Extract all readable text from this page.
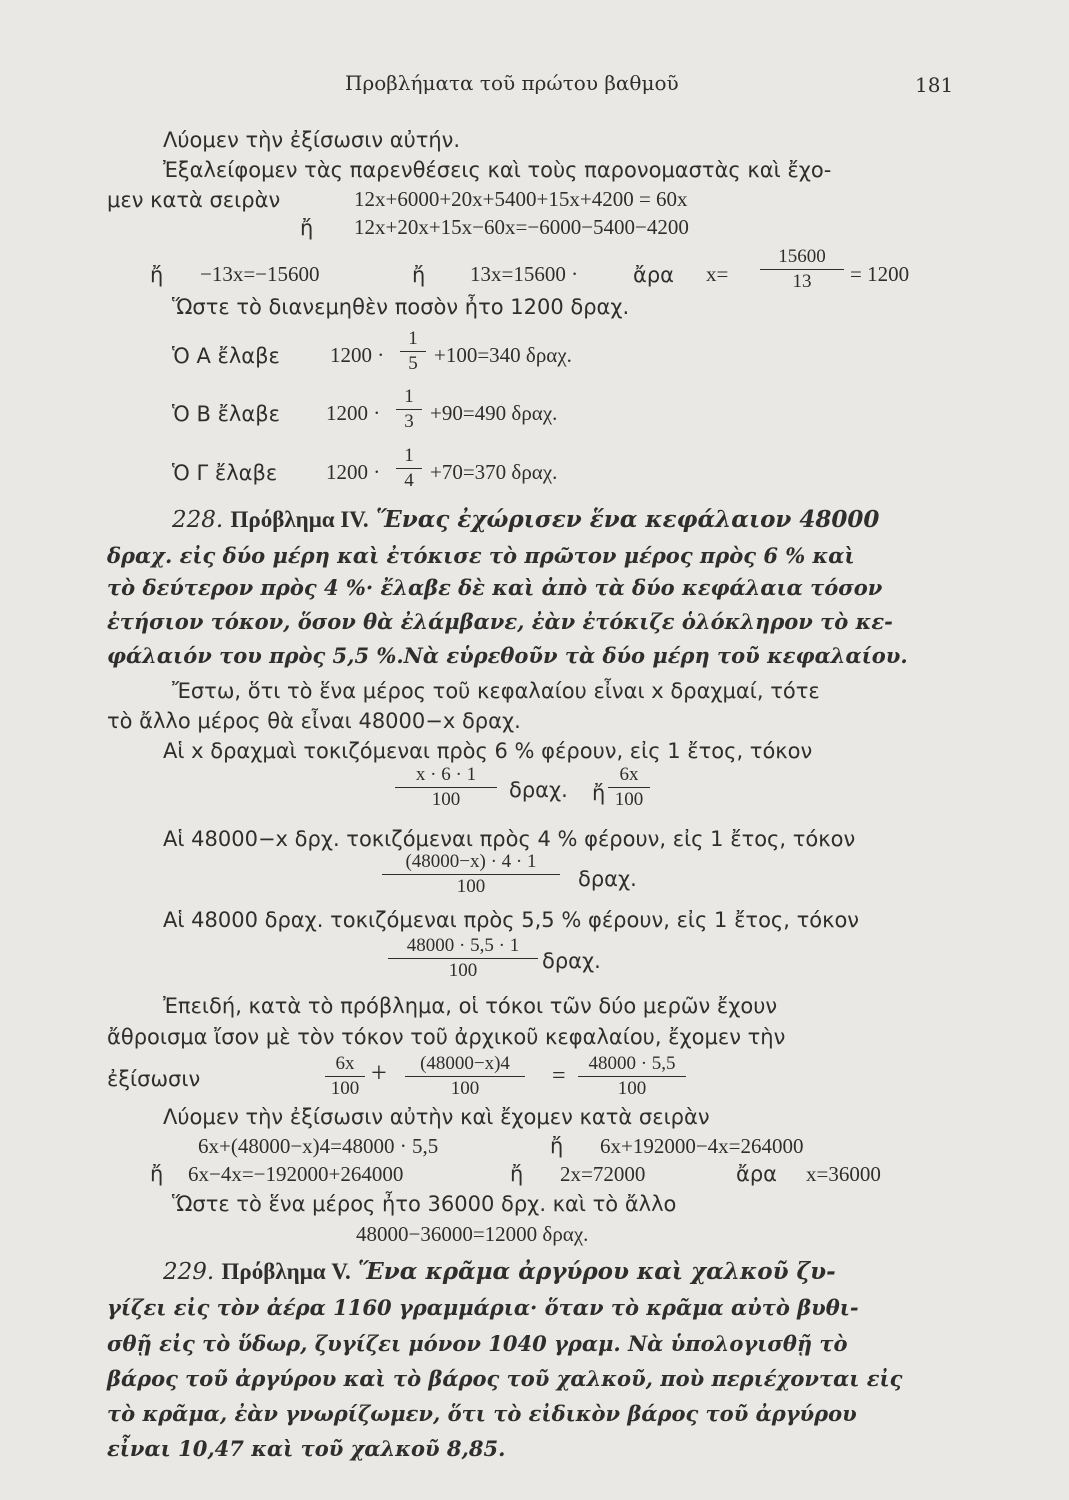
Προβλήματα τοῦ πρώτου βαθμοῦ	181
Λύομεν τὴν ἐξίσωσιν αὐτήν.
Ἐξαλείφομεν τὰς παρενθέσεις καὶ τοὺς παρονομαστὰς καὶ ἔχο-
μεν κατὰ σειρὰν	12x+6000+20x+5400+15x+4200 = 60x
ἤ 12x+20x+15x−60x=−6000−5400−4200
ἤ −13x=−15600	ἤ 13x=15600 ·	ἄρα $x= \frac{15600}{13} = 1200$
Ὥστε τὸ διανεμηθὲν ποσὸν ἦτο 1200 δραχ.
Ὁ Α ἔλαβε $1200 \cdot \frac{1}{5} +100=340$ δραχ.
Ὁ Β ἔλαβε $1200 \cdot \frac{1}{3} +90=490$ δραχ.
Ὁ Γ ἔλαβε $1200 \cdot \frac{1}{4} +70=370$ δραχ.
228. Πρόβλημα IV. Ἕνας ἐχώρισεν ἕνα κεφάλαιον 48000
δραχ. εἰς δύο μέρη καὶ ἐτόκισε τὸ πρῶτον μέρος πρὸς 6 % καὶ
τὸ δεύτερον πρὸς 4 %· ἔλαβε δὲ καὶ ἀπὸ τὰ δύο κεφάλαια τόσον
ἐτήσιον τόκον, ὅσον θὰ ἐλάμβανε, ἐὰν ἐτόκιζε ὁλόκληρον τὸ κε-
φάλαιόν του πρὸς 5,5 %.Νὰ εὑρεθοῦν τὰ δύο μέρη τοῦ κεφαλαίου.
Ἔστω, ὅτι τὸ ἕνα μέρος τοῦ κεφαλαίου εἶναι x δραχμαί, τότε
τὸ ἄλλο μέρος θὰ εἶναι 48000−x δραχ.
Αἱ x δραχμαὶ τοκιζόμεναι πρὸς 6 % φέρουν, εἰς 1 ἔτος, τόκον
$\frac{x \cdot 6 \cdot 1}{100} \delta\rho\alpha\chi$. ἤ $\frac{6x}{100}$
Αἱ 48000−x δρχ. τοκιζόμεναι πρὸς 4 % φέρουν, εἰς 1 ἔτος, τόκον
$\frac{(48000-x) \cdot 4 \cdot 1}{100} \delta\rho\alpha\chi$.
Αἱ 48000 δραχ. τοκιζόμεναι πρὸς 5,5 % φέρουν, εἰς 1 ἔτος, τόκον
$\frac{48000 \cdot 5,5 \cdot 1}{100} \delta\rho\alpha\chi$.
Ἐπειδή, κατὰ τὸ πρόβλημα, οἱ τόκοι τῶν δύο μερῶν ἔχουν
ἄθροισμα ἴσον μὲ τὸν τόκον τοῦ ἀρχικοῦ κεφαλαίου, ἔχομεν τὴν
ἐξίσωσιν	$\frac{6x}{100} + \frac{(48000-x)4}{100} = \frac{48000 \cdot 5,5}{100}$
Λύομεν τὴν ἐξίσωσιν αὐτὴν καὶ ἔχομεν κατὰ σειρὰν
6x+(48000−x)4=48000 · 5,5	ἤ 6x+192000−4x=264000
ἤ 6x−4x=−192000+264000	ἤ 2x=72000	ἄρα x=36000
Ὥστε τὸ ἕνα μέρος ἦτο 36000 δρχ. καὶ τὸ ἄλλο
48000−36000=12000 δραχ.
229. Πρόβλημα V. Ἕνα κρᾶμα ἀργύρου καὶ χαλκοῦ ζυ-
γίζει εἰς τὸν ἀέρα 1160 γραμμάρια· ὅταν τὸ κρᾶμα αὐτὸ βυθι-
σθῇ εἰς τὸ ὕδωρ, ζυγίζει μόνον 1040 γραμ. Νὰ ὑπολογισθῇ τὸ
βάρος τοῦ ἀργύρου καὶ τὸ βάρος τοῦ χαλκοῦ, ποὺ περιέχονται εἰς
τὸ κρᾶμα, ἐὰν γνωρίζωμεν, ὅτι τὸ εἰδικὸν βάρος τοῦ ἀργύρου
εἶναι 10,47 καὶ τοῦ χαλκοῦ 8,85.
